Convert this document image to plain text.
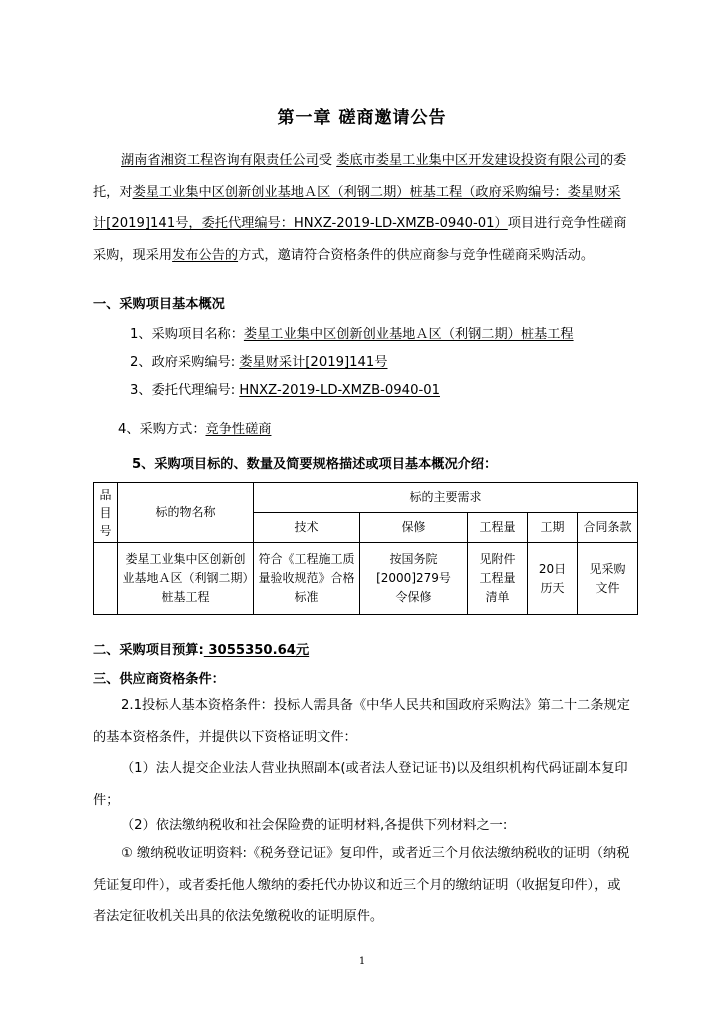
第一章 磋商邀请公告

湖南省湘资工程咨询有限责任公司受 娄底市娄星工业集中区开发建设投资有限公司的委托，对娄星工业集中区创新创业基地Ａ区（利钢二期）桩基工程（政府采购编号：娄星财采计[2019]141号，委托代理编号：HNXZ-2019-LD-XMZB-0940-01）项目进行竞争性磋商采购，现采用发布公告的方式，邀请符合资格条件的供应商参与竞争性磋商采购活动。

一、采购项目基本概况
1、采购项目名称：娄星工业集中区创新创业基地Ａ区（利钢二期）桩基工程
2、政府采购编号: 娄星财采计[2019]141号
3、委托代理编号: HNXZ-2019-LD-XMZB-0940-01
4、采购方式：竞争性磋商
5、采购项目标的、数量及简要规格描述或项目基本概况介绍：
品
目
号	标的物名称	标的主要需求				
		技术	保修	工程量	工期	合同条款
	娄星工业集中区创新创业基地Ａ区（利钢二期）桩基工程	符合《工程施工质量验收规范》合格标准	按国务院[2000]279号令保修	见附件工程量清单	20日历天	见采购文件
二、采购项目预算: 3055350.64元
三、供应商资格条件：

2.1投标人基本资格条件：投标人需具备《中华人民共和国政府采购法》第二十二条规定的基本资格条件，并提供以下资格证明文件：

（1）法人提交企业法人营业执照副本(或者法人登记证书)以及组织机构代码证副本复印件；

（2）依法缴纳税收和社会保险费的证明材料,各提供下列材料之一:

① 缴纳税收证明资料:《税务登记证》复印件，或者近三个月依法缴纳税收的证明（纳税凭证复印件），或者委托他人缴纳的委托代办协议和近三个月的缴纳证明（收据复印件），或者法定征收机关出具的依法免缴税收的证明原件。

1
